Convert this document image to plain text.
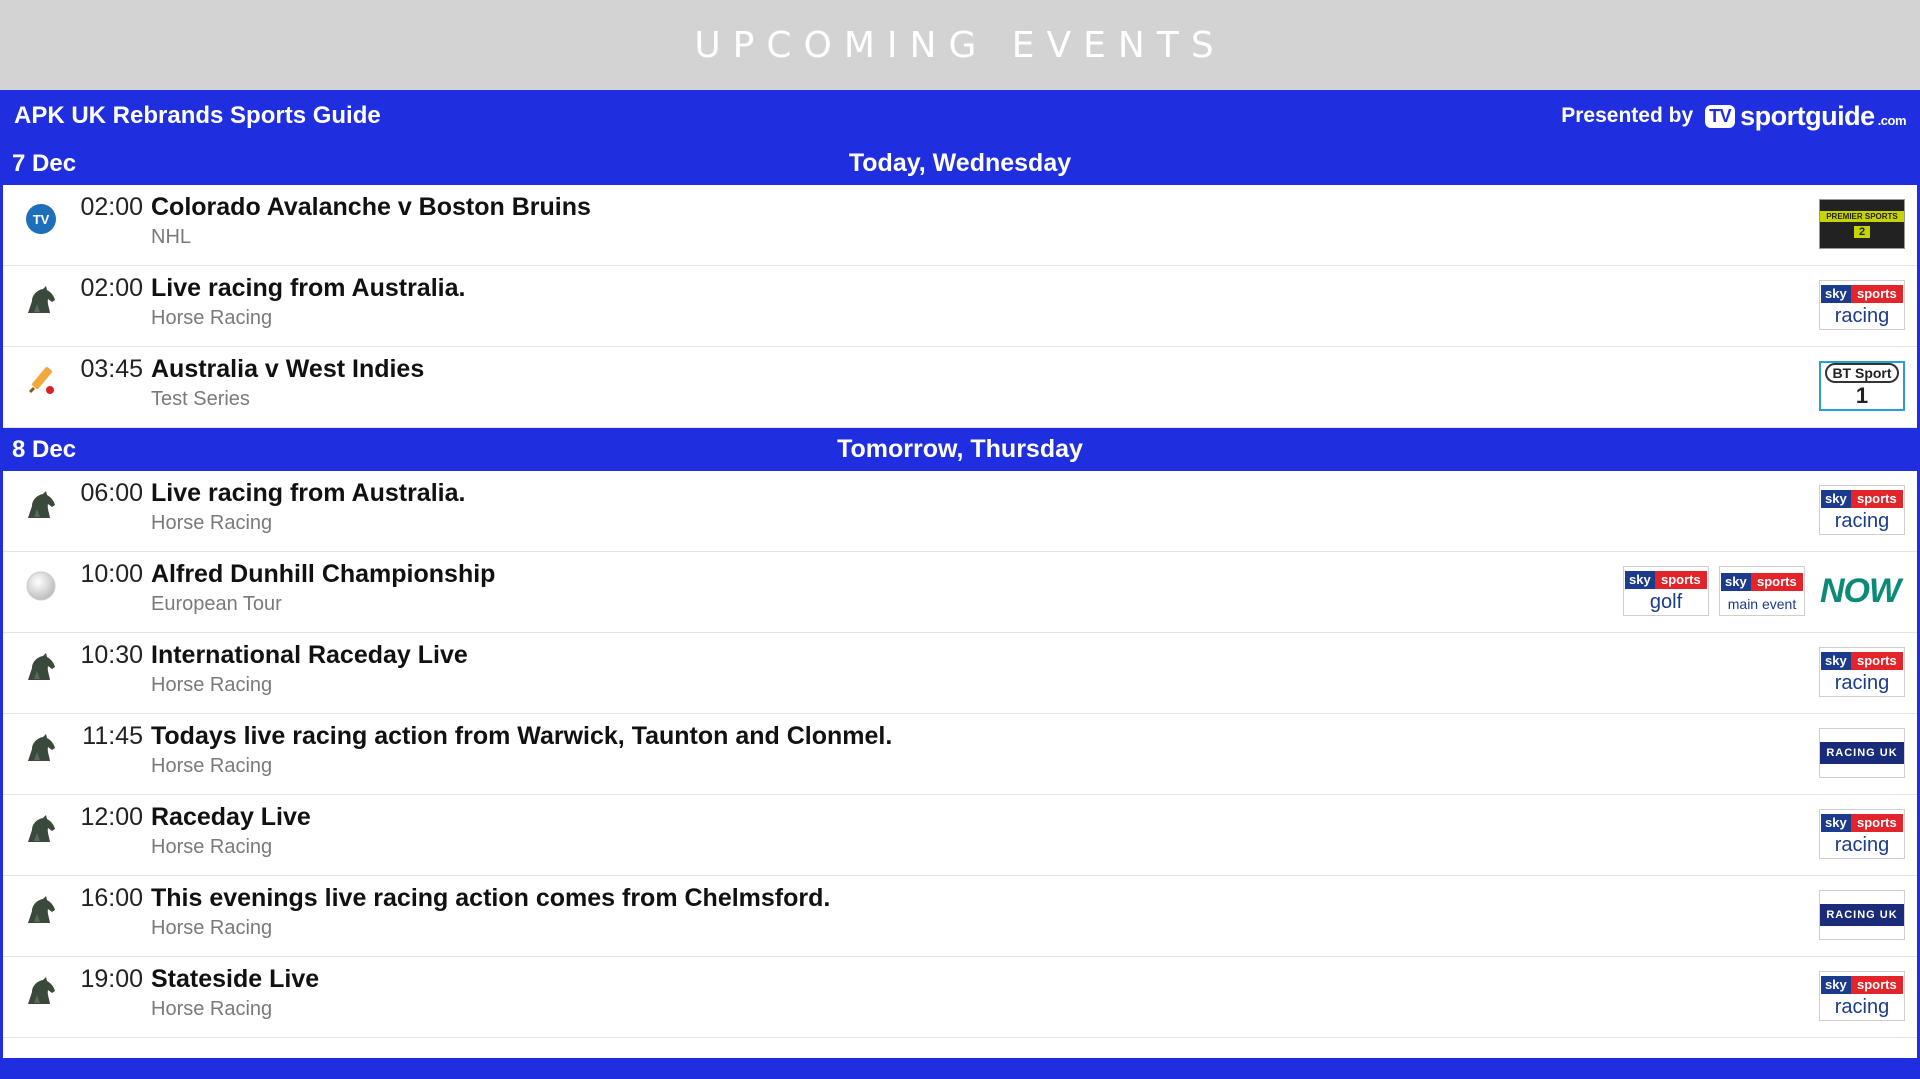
UPCOMING EVENTS
APK UK Rebrands Sports Guide	Presented by TV sportguide .com
7 Dec	Today, Wednesday
TV	02:00 Colorado Avalanche v Boston Bruins
NHL
PREMIER SPORTS
2
02:00 Live racing from Australia.
Horse Racing
sky sports
racing
03:45 Australia v West Indies
Test Series
BT Sport
1
8 Dec	Tomorrow, Thursday
06:00 Live racing from Australia.
Horse Racing
sky sports
racing
10:00 Alfred Dunhill Championship
European Tour
sky sports
golf
sky sports
main event NOW
10:30 International Raceday Live
Horse Racing
sky sports
racing
11:45 Todays live racing action from Warwick, Taunton and Clonmel.
Horse Racing
RACING UK
12:00 Raceday Live
Horse Racing
sky sports
racing
16:00 This evenings live racing action comes from Chelmsford.
Horse Racing
RACING UK
19:00 Stateside Live
Horse Racing
sky sports
racing
